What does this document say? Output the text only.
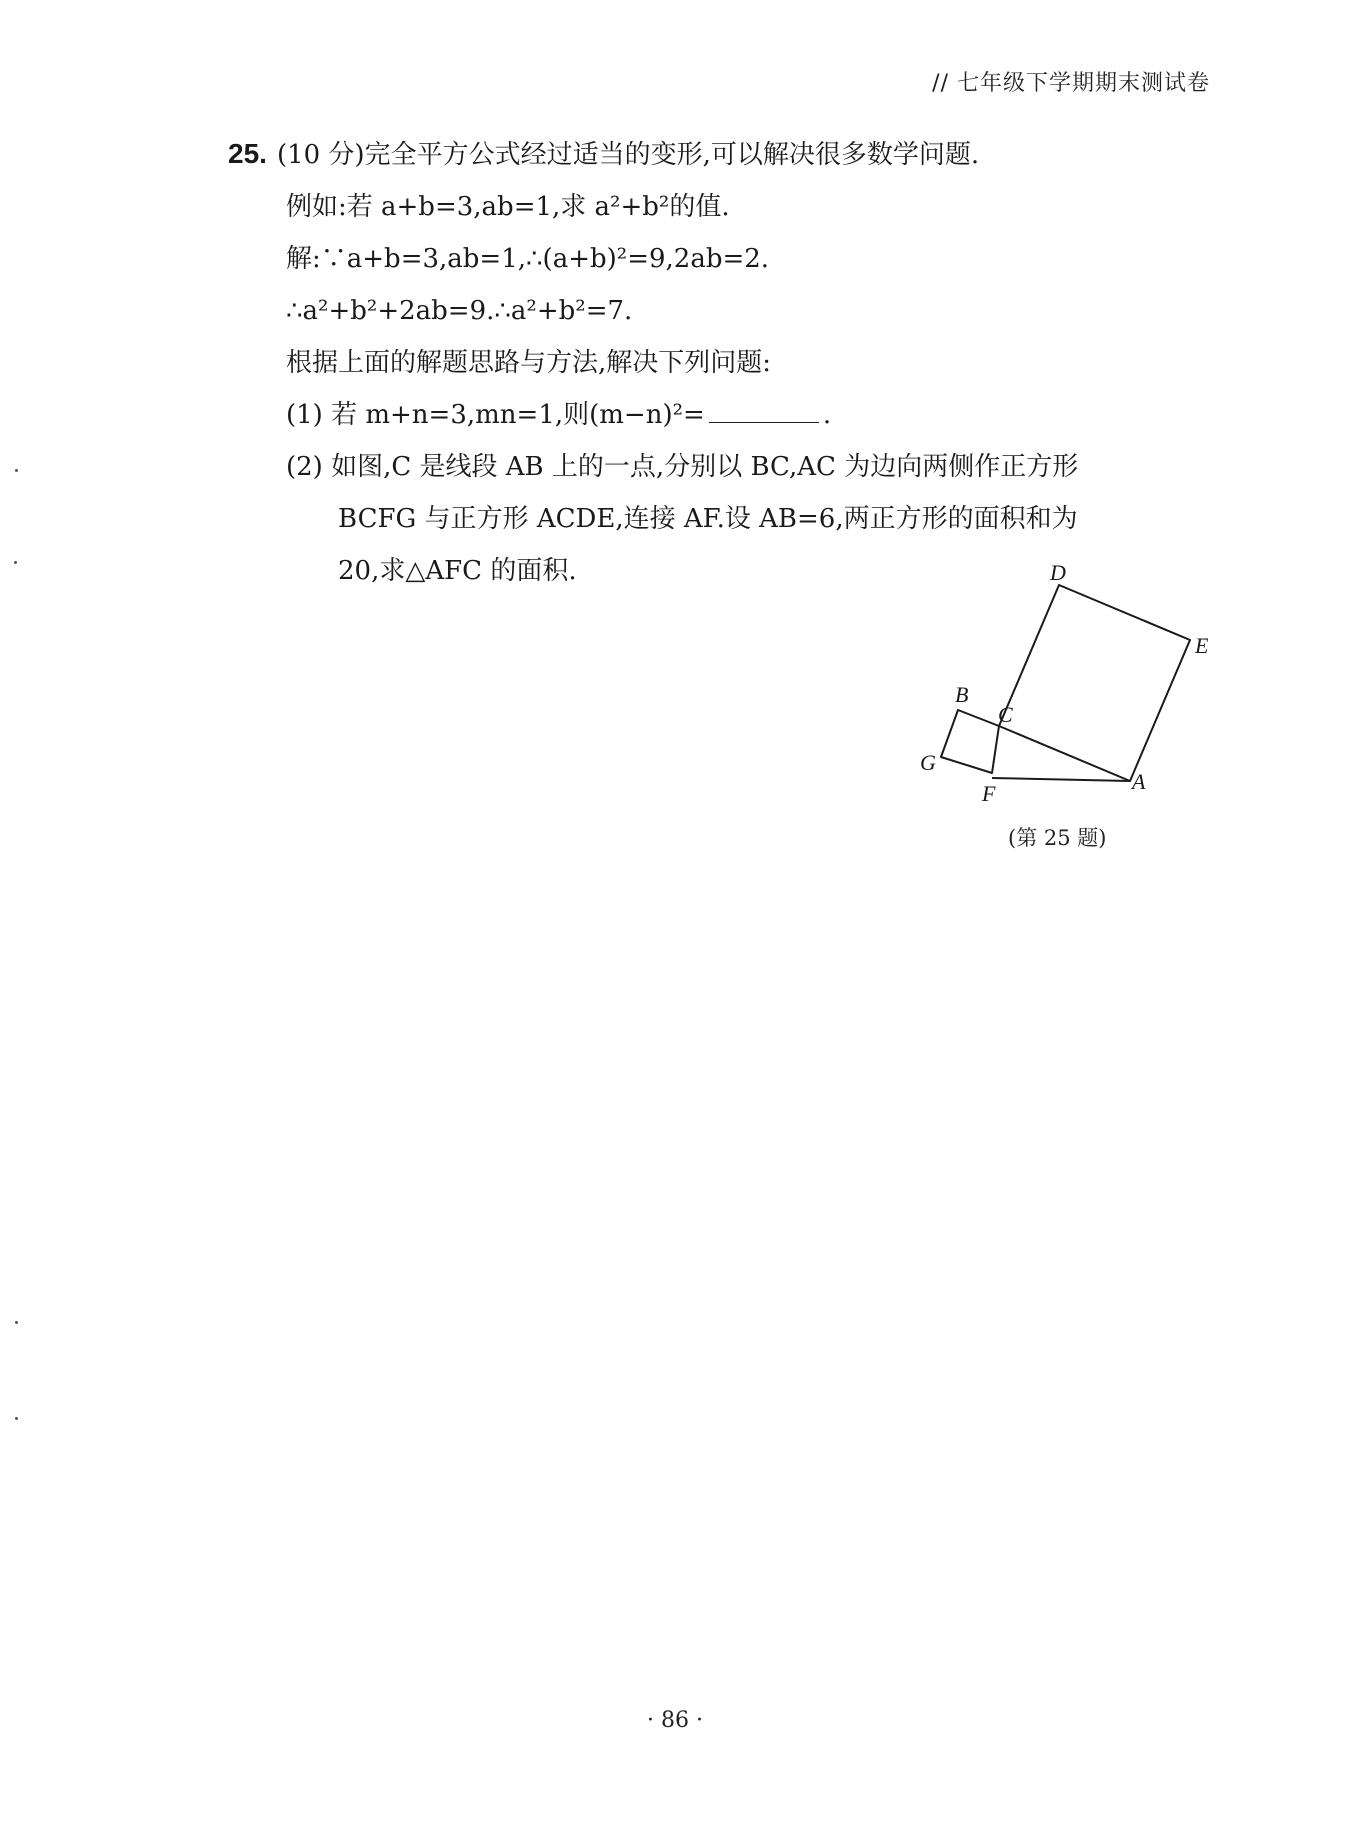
// 七年级下学期期末测试卷
25. (10 分)完全平方公式经过适当的变形,可以解决很多数学问题.
例如:若 a+b=3,ab=1,求 a²+b²的值.
解:∵a+b=3,ab=1,∴(a+b)²=9,2ab=2.
∴a²+b²+2ab=9.∴a²+b²=7.
根据上面的解题思路与方法,解决下列问题:
(1) 若 m+n=3,mn=1,则(m−n)²=	.
(2) 如图,C 是线段 AB 上的一点,分别以 BC,AC 为边向两侧作正方形
BCFG 与正方形 ACDE,连接 AF.设 AB=6,两正方形的面积和为
20,求△AFC 的面积.	D
E
B
C
G
F	A
(第 25 题)
· 86 ·
